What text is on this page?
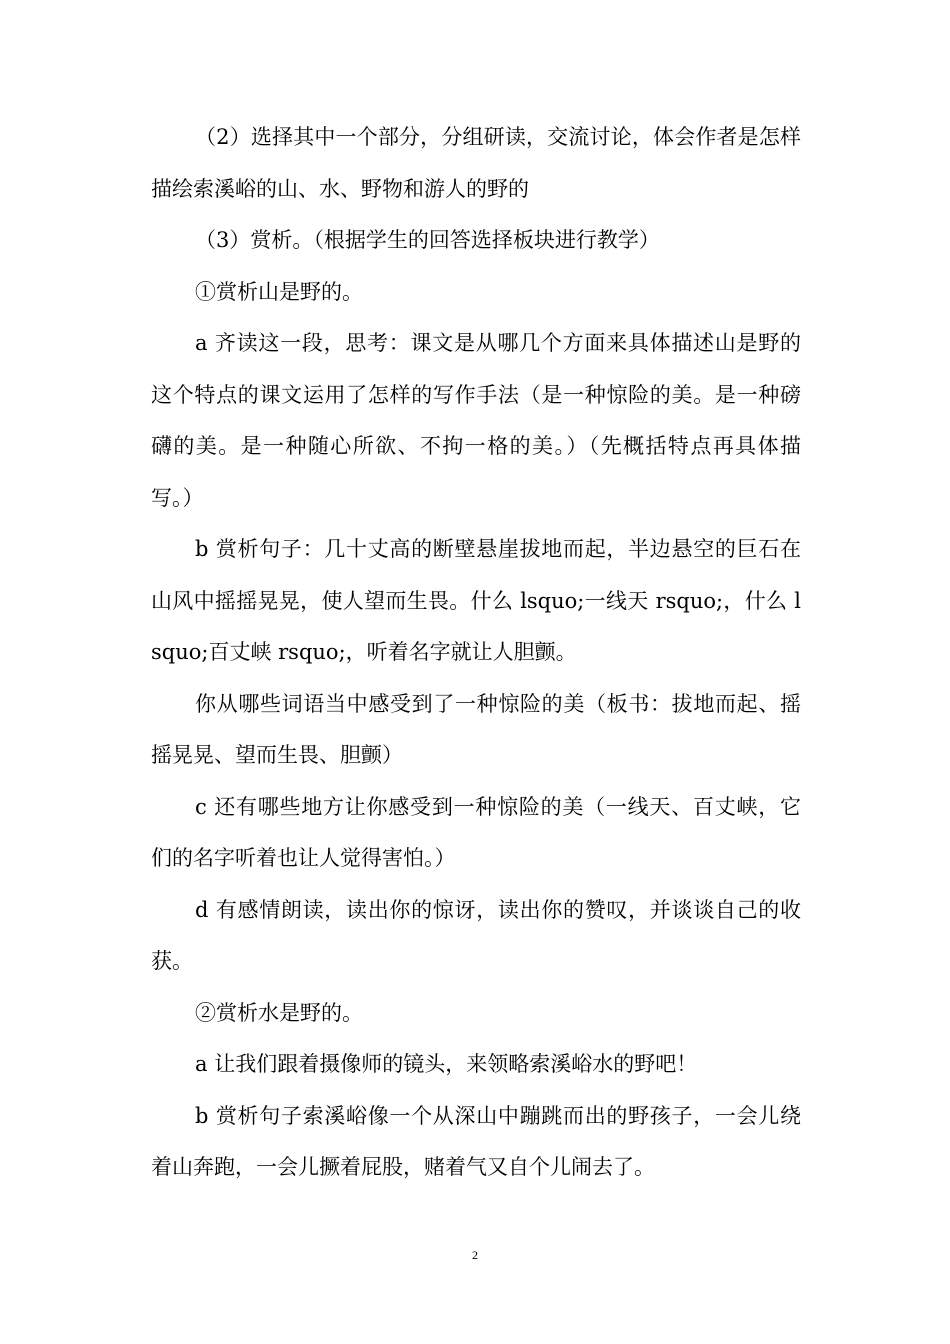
（2）选择其中一个部分，分组研读，交流讨论，体会作者是怎样描绘索溪峪的山、水、野物和游人的野的

（3）赏析。（根据学生的回答选择板块进行教学）

①赏析山是野的。

a 齐读这一段，思考：课文是从哪几个方面来具体描述山是野的这个特点的课文运用了怎样的写作手法（是一种惊险的美。是一种磅礴的美。是一种随心所欲、不拘一格的美。）（先概括特点再具体描写。）

b 赏析句子：几十丈高的断壁悬崖拔地而起，半边悬空的巨石在山风中摇摇晃晃，使人望而生畏。什么 lsquo;一线天 rsquo;，什么 lsquo;百丈峡 rsquo;，听着名字就让人胆颤。

你从哪些词语当中感受到了一种惊险的美（板书：拔地而起、摇摇晃晃、望而生畏、胆颤）

c 还有哪些地方让你感受到一种惊险的美（一线天、百丈峡，它们的名字听着也让人觉得害怕。）

d 有感情朗读，读出你的惊讶，读出你的赞叹，并谈谈自己的收获。

②赏析水是野的。

a 让我们跟着摄像师的镜头，来领略索溪峪水的野吧！

b 赏析句子索溪峪像一个从深山中蹦跳而出的野孩子，一会儿绕着山奔跑，一会儿撅着屁股，赌着气又自个儿闹去了。

2
